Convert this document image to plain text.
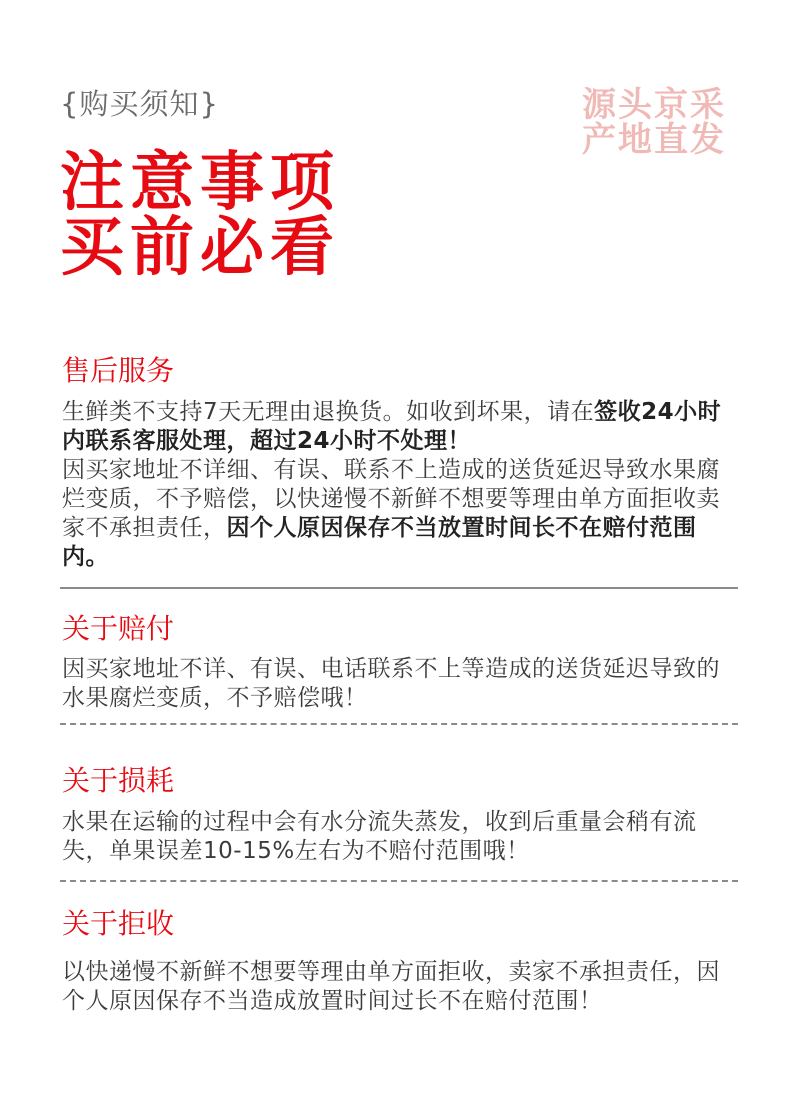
{购买须知}	源头京采
产地直发
注意事项
买前必看
售后服务
生鲜类不支持7天无理由退换货。如收到坏果，请在签收24小时内联系客服处理，超过24小时不处理！
因买家地址不详细、有误、联系不上造成的送货延迟导致水果腐烂变质，不予赔偿，以快递慢不新鲜不想要等理由单方面拒收卖家不承担责任，因个人原因保存不当放置时间长不在赔付范围内。
关于赔付
因买家地址不详、有误、电话联系不上等造成的送货延迟导致的水果腐烂变质，不予赔偿哦！
关于损耗
水果在运输的过程中会有水分流失蒸发，收到后重量会稍有流失，单果误差10-15%左右为不赔付范围哦！
关于拒收
以快递慢不新鲜不想要等理由单方面拒收，卖家不承担责任，因个人原因保存不当造成放置时间过长不在赔付范围！
